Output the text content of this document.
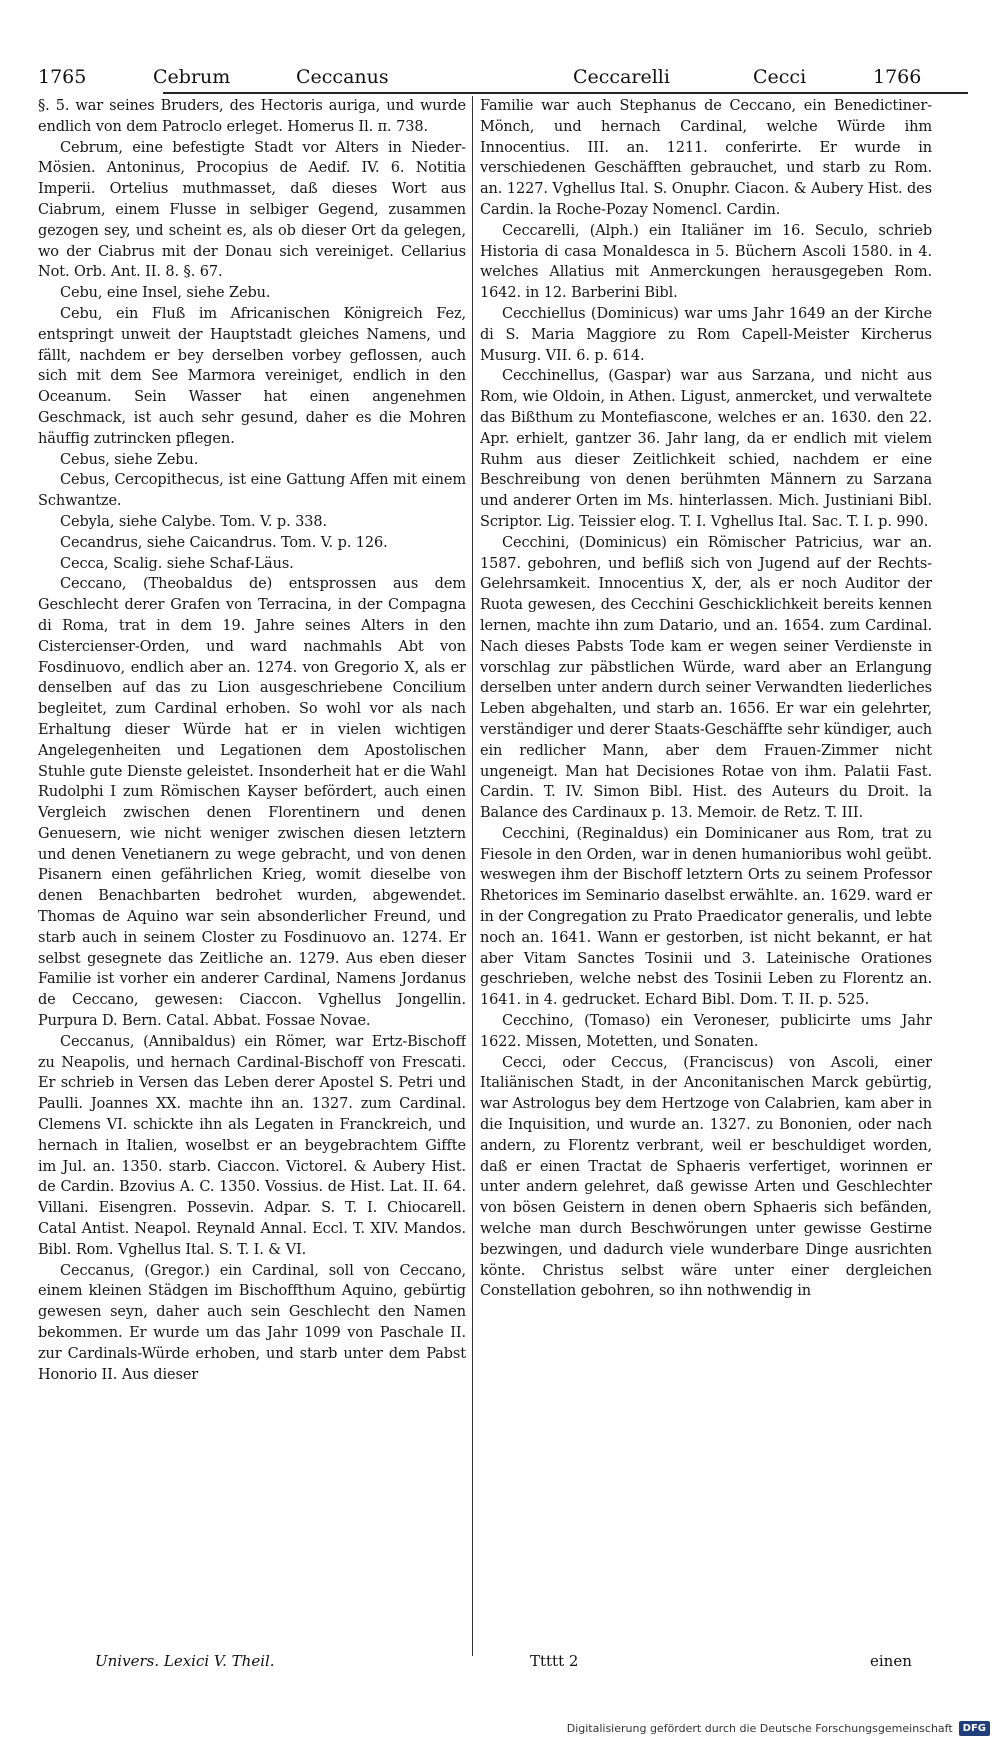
1765	Cebrum	Ceccanus	Ceccarelli	Cecci	1766

§. 5. war seines Bruders, des Hectoris auriga, und wurde endlich von dem Patroclo erleget. Homerus Il. π. 738.

Cebrum, eine befestigte Stadt vor Alters in Nieder-Mösien. Antoninus, Procopius de Aedif. IV. 6. Notitia Imperii. Ortelius muthmasset, daß dieses Wort aus Ciabrum, einem Flusse in selbiger Gegend, zusammen gezogen sey, und scheint es, als ob dieser Ort da gelegen, wo der Ciabrus mit der Donau sich vereiniget. Cellarius Not. Orb. Ant. II. 8. §. 67.

Cebu, eine Insel, siehe Zebu.

Cebu, ein Fluß im Africanischen Königreich Fez, entspringt unweit der Hauptstadt gleiches Namens, und fällt, nachdem er bey derselben vorbey geflossen, auch sich mit dem See Marmora vereiniget, endlich in den Oceanum. Sein Wasser hat einen angenehmen Geschmack, ist auch sehr gesund, daher es die Mohren häuffig zutrincken pflegen.

Cebus, siehe Zebu.

Cebus, Cercopithecus, ist eine Gattung Affen mit einem Schwantze.

Cebyla, siehe Calybe. Tom. V. p. 338.

Cecandrus, siehe Caicandrus. Tom. V. p. 126.

Cecca, Scalig. siehe Schaf-Läus.

Ceccano, (Theobaldus de) entsprossen aus dem Geschlecht derer Grafen von Terracina, in der Compagna di Roma, trat in dem 19. Jahre seines Alters in den Cistercienser-Orden, und ward nachmahls Abt von Fosdinuovo, endlich aber an. 1274. von Gregorio X, als er denselben auf das zu Lion ausgeschriebene Concilium begleitet, zum Cardinal erhoben. So wohl vor als nach Erhaltung dieser Würde hat er in vielen wichtigen Angelegenheiten und Legationen dem Apostolischen Stuhle gute Dienste geleistet. Insonderheit hat er die Wahl Rudolphi I zum Römischen Kayser befördert, auch einen Vergleich zwischen denen Florentinern und denen Genuesern, wie nicht weniger zwischen diesen letztern und denen Venetianern zu wege gebracht, und von denen Pisanern einen gefährlichen Krieg, womit dieselbe von denen Benachbarten bedrohet wurden, abgewendet. Thomas de Aquino war sein absonderlicher Freund, und starb auch in seinem Closter zu Fosdinuovo an. 1274. Er selbst gesegnete das Zeitliche an. 1279. Aus eben dieser Familie ist vorher ein anderer Cardinal, Namens Jordanus de Ceccano, gewesen: Ciaccon. Vghellus Jongellin. Purpura D. Bern. Catal. Abbat. Fossae Novae.

Ceccanus, (Annibaldus) ein Römer, war Ertz-Bischoff zu Neapolis, und hernach Cardinal-Bischoff von Frescati. Er schrieb in Versen das Leben derer Apostel S. Petri und Paulli. Joannes XX. machte ihn an. 1327. zum Cardinal. Clemens VI. schickte ihn als Legaten in Franckreich, und hernach in Italien, woselbst er an beygebrachtem Giffte im Jul. an. 1350. starb. Ciaccon. Victorel. & Aubery Hist. de Cardin. Bzovius A. C. 1350. Vossius. de Hist. Lat. II. 64. Villani. Eisengren. Possevin. Adpar. S. T. I. Chiocarell. Catal Antist. Neapol. Reynald Annal. Eccl. T. XIV. Mandos. Bibl. Rom. Vghellus Ital. S. T. I. & VI.

Ceccanus, (Gregor.) ein Cardinal, soll von Ceccano, einem kleinen Städgen im Bischoffthum Aquino, gebürtig gewesen seyn, daher auch sein Geschlecht den Namen bekommen. Er wurde um das Jahr 1099 von Paschale II. zur Cardinals-Würde erhoben, und starb unter dem Pabst Honorio II. Aus dieser

Familie war auch Stephanus de Ceccano, ein Benedictiner-Mönch, und hernach Cardinal, welche Würde ihm Innocentius. III. an. 1211. conferirte. Er wurde in verschiedenen Geschäfften gebrauchet, und starb zu Rom. an. 1227. Vghellus Ital. S. Onuphr. Ciacon. & Aubery Hist. des Cardin. la Roche-Pozay Nomencl. Cardin.

Ceccarelli, (Alph.) ein Italiäner im 16. Seculo, schrieb Historia di casa Monaldesca in 5. Büchern Ascoli 1580. in 4. welches Allatius mit Anmerckungen herausgegeben Rom. 1642. in 12. Barberini Bibl.

Cecchiellus (Dominicus) war ums Jahr 1649 an der Kirche di S. Maria Maggiore zu Rom Capell-Meister Kircherus Musurg. VII. 6. p. 614.

Cecchinellus, (Gaspar) war aus Sarzana, und nicht aus Rom, wie Oldoin, in Athen. Ligust, anmercket, und verwaltete das Bißthum zu Montefiascone, welches er an. 1630. den 22. Apr. erhielt, gantzer 36. Jahr lang, da er endlich mit vielem Ruhm aus dieser Zeitlichkeit schied, nachdem er eine Beschreibung von denen berühmten Männern zu Sarzana und anderer Orten im Ms. hinterlassen. Mich. Justiniani Bibl. Scriptor. Lig. Teissier elog. T. I. Vghellus Ital. Sac. T. I. p. 990.

Cecchini, (Dominicus) ein Römischer Patricius, war an. 1587. gebohren, und befliß sich von Jugend auf der Rechts-Gelehrsamkeit. Innocentius X, der, als er noch Auditor der Ruota gewesen, des Cecchini Geschicklichkeit bereits kennen lernen, machte ihn zum Datario, und an. 1654. zum Cardinal. Nach dieses Pabsts Tode kam er wegen seiner Verdienste in vorschlag zur päbstlichen Würde, ward aber an Erlangung derselben unter andern durch seiner Verwandten liederliches Leben abgehalten, und starb an. 1656. Er war ein gelehrter, verständiger und derer Staats-Geschäffte sehr kündiger, auch ein redlicher Mann, aber dem Frauen-Zimmer nicht ungeneigt. Man hat Decisiones Rotae von ihm. Palatii Fast. Cardin. T. IV. Simon Bibl. Hist. des Auteurs du Droit. la Balance des Cardinaux p. 13. Memoir. de Retz. T. III.

Cecchini, (Reginaldus) ein Dominicaner aus Rom, trat zu Fiesole in den Orden, war in denen humanioribus wohl geübt. weswegen ihm der Bischoff letztern Orts zu seinem Professor Rhetorices im Seminario daselbst erwählte. an. 1629. ward er in der Congregation zu Prato Praedicator generalis, und lebte noch an. 1641. Wann er gestorben, ist nicht bekannt, er hat aber Vitam Sanctes Tosinii und 3. Lateinische Orationes geschrieben, welche nebst des Tosinii Leben zu Florentz an. 1641. in 4. gedrucket. Echard Bibl. Dom. T. II. p. 525.

Cecchino, (Tomaso) ein Veroneser, publicirte ums Jahr 1622. Missen, Motetten, und Sonaten.

Cecci, oder Ceccus, (Franciscus) von Ascoli, einer Italiänischen Stadt, in der Anconitanischen Marck gebürtig, war Astrologus bey dem Hertzoge von Calabrien, kam aber in die Inquisition, und wurde an. 1327. zu Bononien, oder nach andern, zu Florentz verbrant, weil er beschuldiget worden, daß er einen Tractat de Sphaeris verfertiget, worinnen er unter andern gelehret, daß gewisse Arten und Geschlechter von bösen Geistern in denen obern Sphaeris sich befänden, welche man durch Beschwörungen unter gewisse Gestirne bezwingen, und dadurch viele wunderbare Dinge ausrichten könte. Christus selbst wäre unter einer dergleichen Constellation gebohren, so ihn nothwendig in

Univers. Lexici V. Theil.	Ttttt 2	einen
Digitalisierung gefördert durch die Deutsche Forschungsgemeinschaft	DFG
